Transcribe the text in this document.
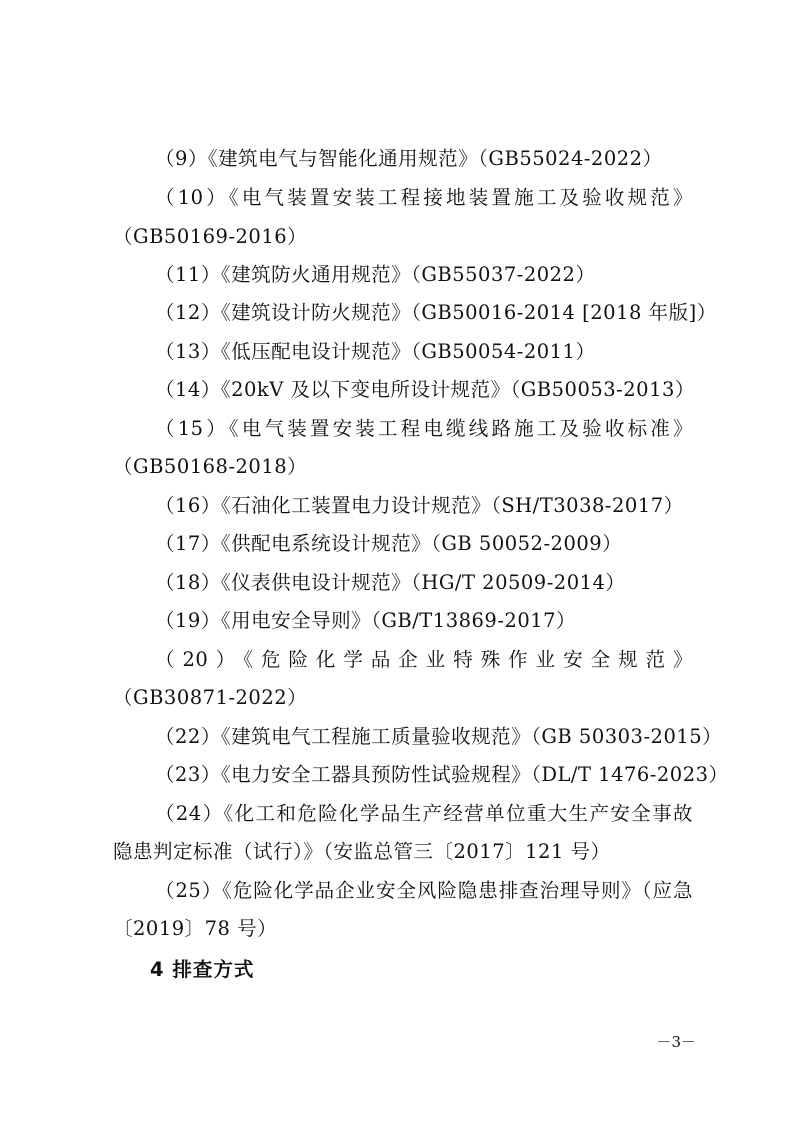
（9）《建筑电气与智能化通用规范》（GB55024-2022）
（10）《电气装置安装工程接地装置施工及验收规范》
（GB50169-2016）
（11）《建筑防火通用规范》（GB55037-2022）
（12）《建筑设计防火规范》（GB50016-2014 [2018 年版]）
（13）《低压配电设计规范》（GB50054-2011）
（14）《20kV 及以下变电所设计规范》（GB50053-2013）
（15）《电气装置安装工程电缆线路施工及验收标准》
（GB50168-2018）
（16）《石油化工装置电力设计规范》（SH/T3038-2017）
（17）《供配电系统设计规范》（GB 50052-2009）
（18）《仪表供电设计规范》（HG/T 20509-2014）
（19）《用电安全导则》（GB/T13869-2017）
（20）《危险化学品企业特殊作业安全规范》
（GB30871-2022）
（22）《建筑电气工程施工质量验收规范》（GB 50303-2015）
（23）《电力安全工器具预防性试验规程》（DL/T 1476-2023）
（24）《化工和危险化学品生产经营单位重大生产安全事故
隐患判定标准（试行）》（安监总管三〔2017〕121 号）
（25）《危险化学品企业安全风险隐患排查治理导则》（应急
〔2019〕78 号）
4 排查方式
－3－
